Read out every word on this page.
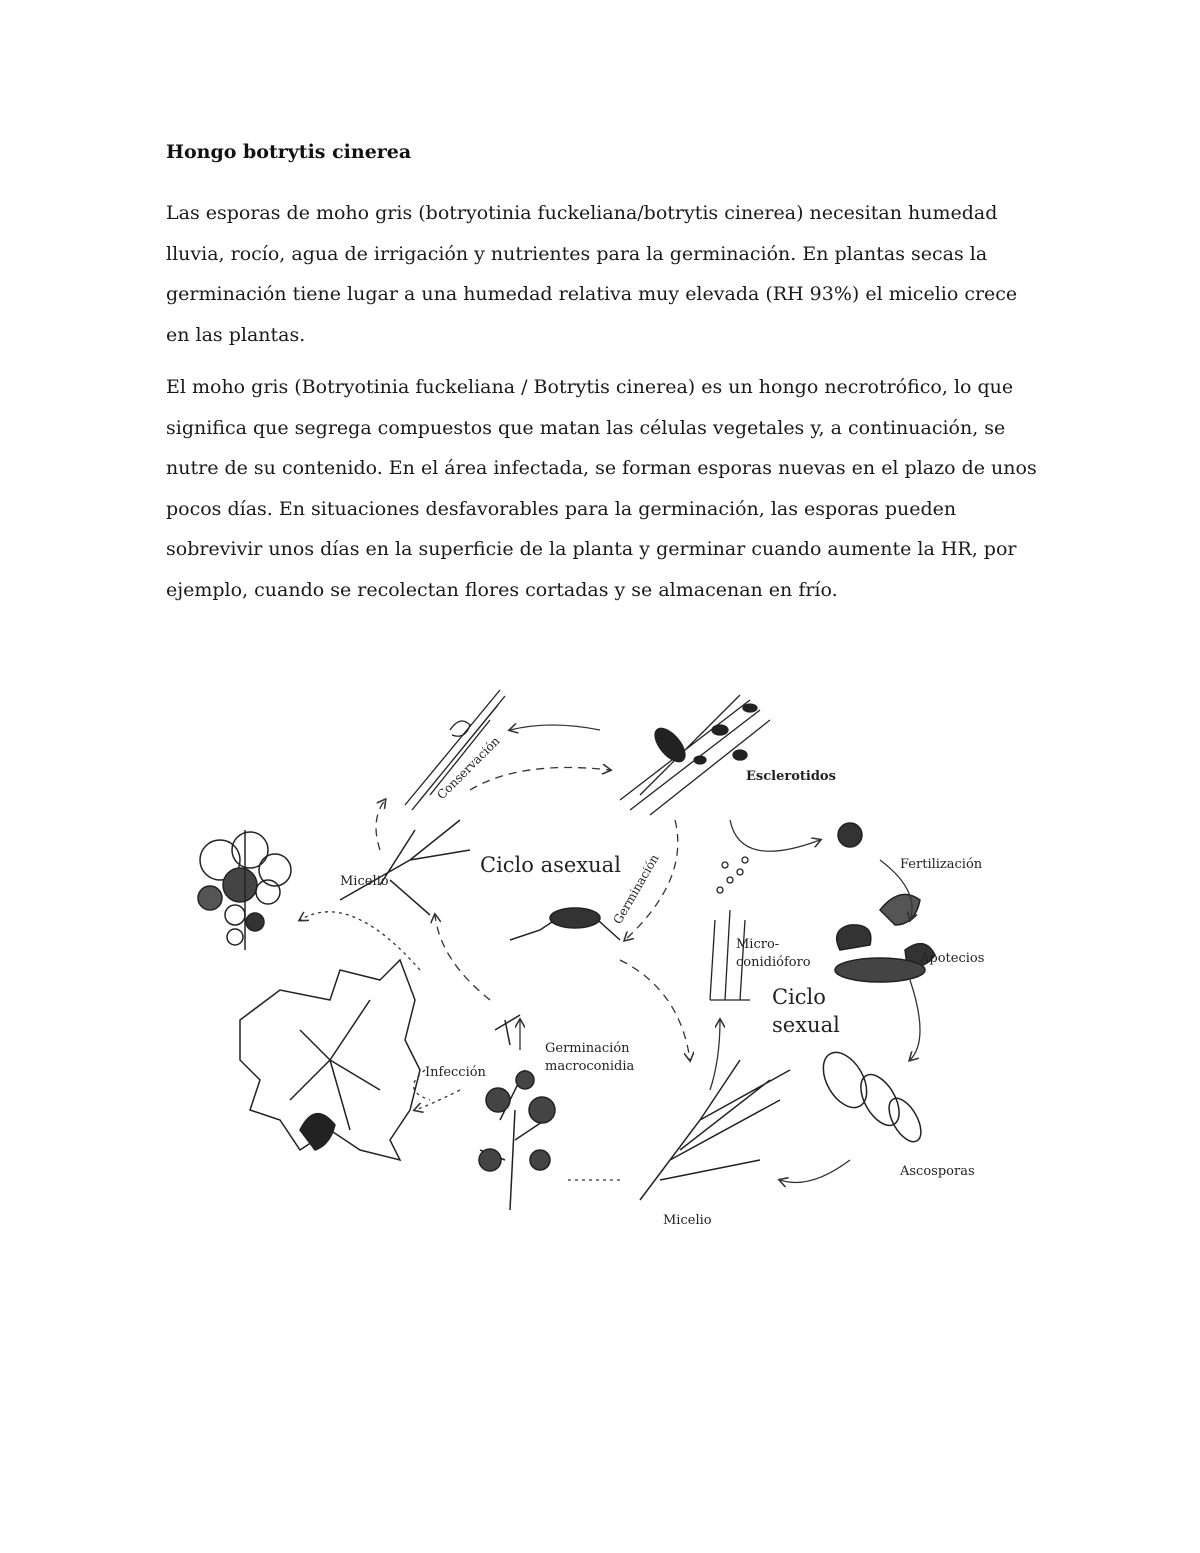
Hongo botrytis cinerea

Las esporas de moho gris (botryotinia fuckeliana/botrytis cinerea) necesitan humedad lluvia, rocío, agua de irrigación y nutrientes para la germinación. En plantas secas la germinación tiene lugar a una humedad relativa muy elevada (RH 93%) el micelio crece en las plantas.

El moho gris (Botryotinia fuckeliana / Botrytis cinerea) es un hongo necrotrófico, lo que significa que segrega compuestos que matan las células vegetales y, a continuación, se nutre de su contenido. En el área infectada, se forman esporas nuevas en el plazo de unos pocos días. En situaciones desfavorables para la germinación, las esporas pueden sobrevivir unos días en la superficie de la planta y germinar cuando aumente la HR, por ejemplo, cuando se recolectan flores cortadas y se almacenan en frío.

Conservación	Esclerotidos
Ciclo asexual
Micelio	Germinación	Fertilización
Micro-
conidióforo	Apotecios
Ciclo
sexual
Germinación
macroconidia
Infección
Ascosporas
Micelio
